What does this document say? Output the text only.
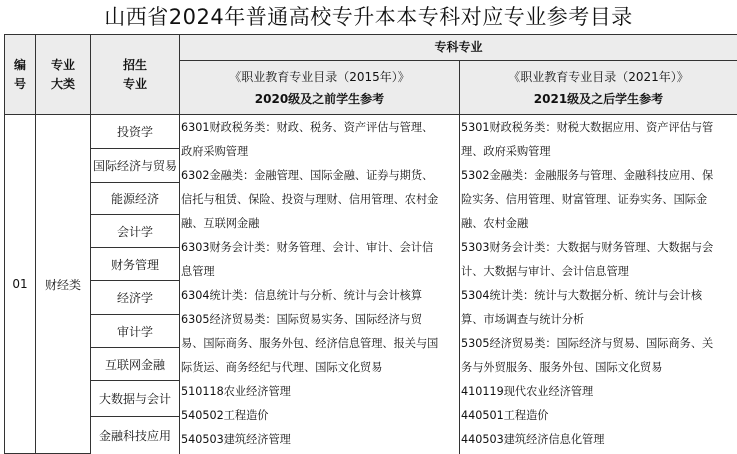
山西省2024年普通高校专升本本专科对应专业参考目录
编
号
专业
大类
招生
专业
专科专业
《职业教育专业目录（2015年）》
2020级及之前学生参考
《职业教育专业目录（2021年）》
2021级及之后学生参考
01 财经类
投资学
国际经济与贸易
能源经济
会计学
财务管理
经济学
审计学
互联网金融
大数据与会计
金融科技应用
6301财政税务类：财政、税务、资产评估与管理、
政府采购管理
6302金融类：金融管理、国际金融、证券与期货、
信托与租赁、保险、投资与理财、信用管理、农村金
融、互联网金融
6303财务会计类：财务管理、会计、审计、会计信
息管理
6304统计类：信息统计与分析、统计与会计核算
6305经济贸易类：国际贸易实务、国际经济与贸
易、国际商务、服务外包、经济信息管理、报关与国
际货运、商务经纪与代理、国际文化贸易
510118农业经济管理
540502工程造价
540503建筑经济管理
5301财政税务类：财税大数据应用、资产评估与管
理、政府采购管理
5302金融类：金融服务与管理、金融科技应用、保
险实务、信用管理、财富管理、证券实务、国际金
融、农村金融
5303财务会计类：大数据与财务管理、大数据与会
计、大数据与审计、会计信息管理
5304统计类：统计与大数据分析、统计与会计核
算、市场调查与统计分析
5305经济贸易类：国际经济与贸易、国际商务、关
务与外贸服务、服务外包、国际文化贸易
410119现代农业经济管理
440501工程造价
440503建筑经济信息化管理
